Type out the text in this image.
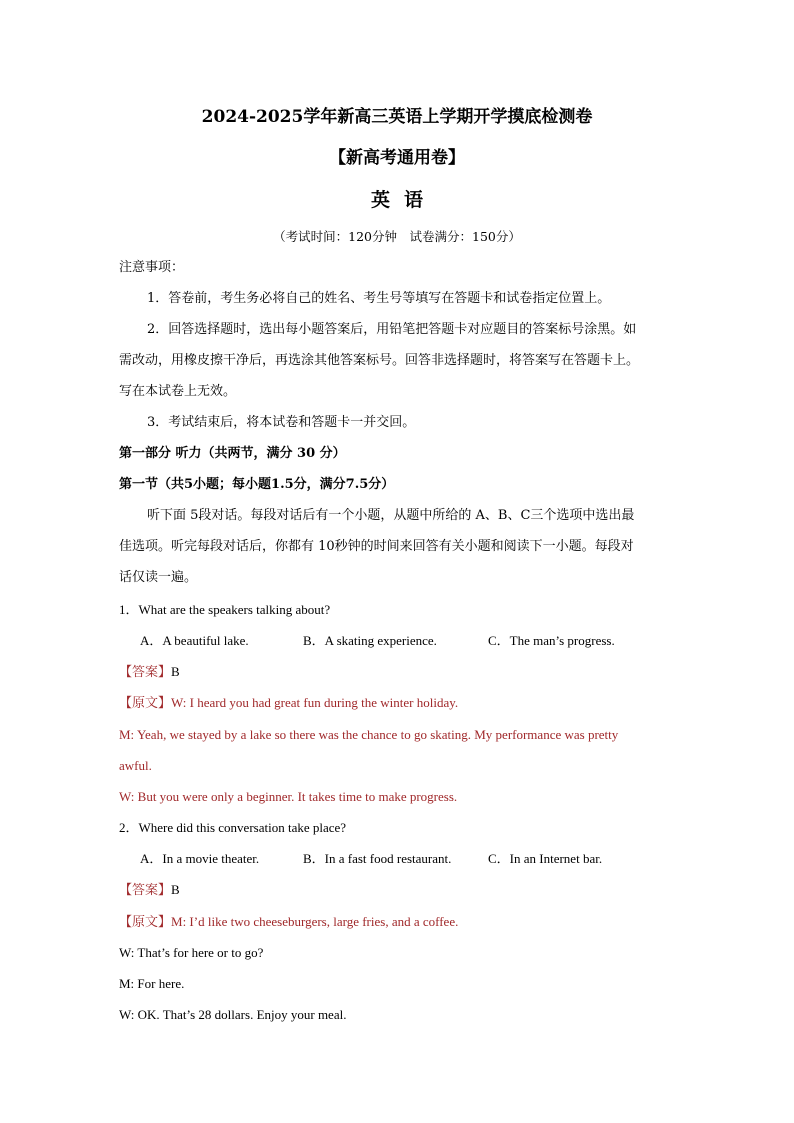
2024-2025学年新高三英语上学期开学摸底检测卷
【新高考通用卷】
英语
（考试时间：120分钟　试卷满分：150分）
注意事项：
1．答卷前，考生务必将自己的姓名、考生号等填写在答题卡和试卷指定位置上。
2．回答选择题时，选出每小题答案后，用铅笔把答题卡对应题目的答案标号涂黑。如
需改动，用橡皮擦干净后，再选涂其他答案标号。回答非选择题时，将答案写在答题卡上。
写在本试卷上无效。
3．考试结束后，将本试卷和答题卡一并交回。
第一部分 听力（共两节，满分 30 分）
第一节（共5小题；每小题1.5分，满分7.5分）
听下面 5段对话。每段对话后有一个小题，从题中所给的 A、B、C三个选项中选出最
佳选项。听完每段对话后，你都有 10秒钟的时间来回答有关小题和阅读下一小题。每段对
话仅读一遍。
1．What are the speakers talking about?
A．A beautiful lake.	B．A skating experience.	C．The man’s progress.
【答案】B
【原文】W: I heard you had great fun during the winter holiday.
M: Yeah, we stayed by a lake so there was the chance to go skating. My performance was pretty
awful.
W: But you were only a beginner. It takes time to make progress.
2．Where did this conversation take place?
A．In a movie theater.	B．In a fast food restaurant.	C．In an Internet bar.
【答案】B
【原文】M: I’d like two cheeseburgers, large fries, and a coffee.
W: That’s for here or to go?
M: For here.
W: OK. That’s 28 dollars. Enjoy your meal.
